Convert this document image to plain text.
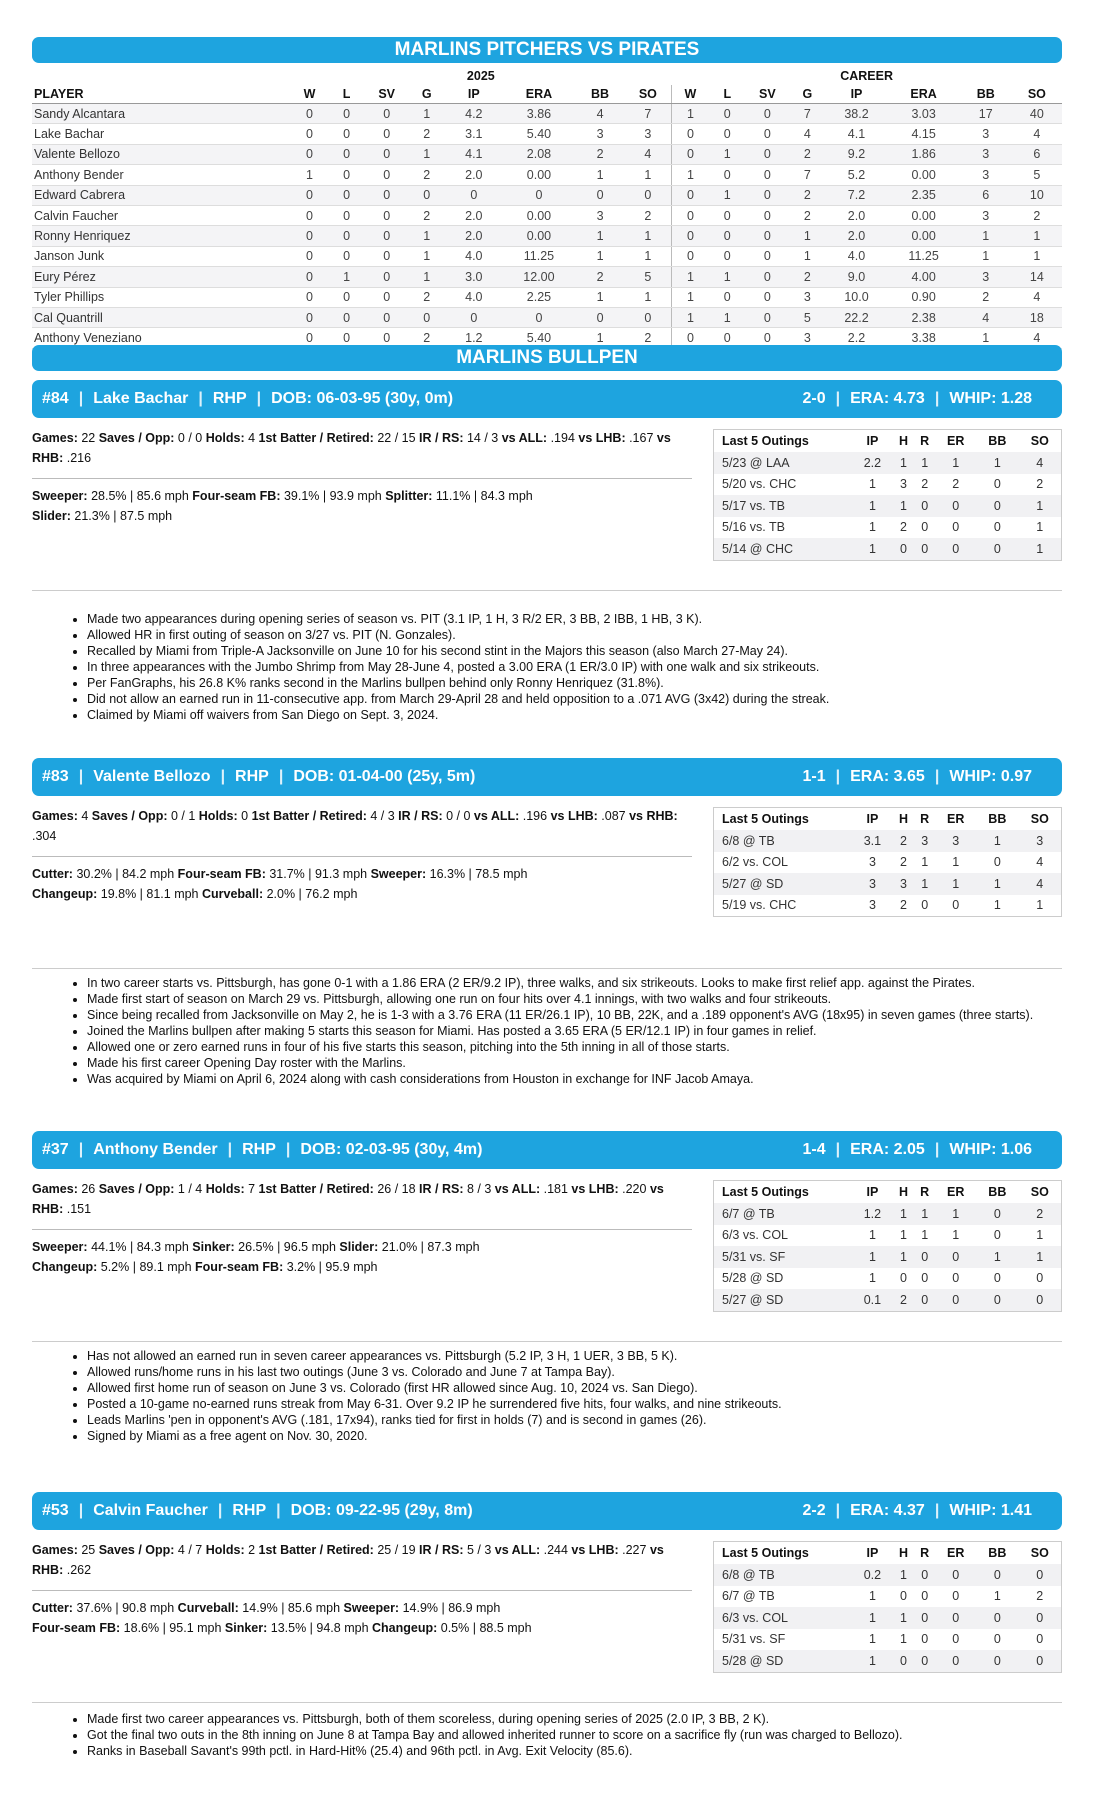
MARLINS PITCHERS VS PIRATES
	2025								CAREER							
PLAYER	W	L	SV	G	IP	ERA	BB	SO	W	L	SV	G	IP	ERA	BB	SO
Sandy Alcantara	0	0	0	1	4.2	3.86	4	7	1	0	0	7	38.2	3.03	17	40
Lake Bachar	0	0	0	2	3.1	5.40	3	3	0	0	0	4	4.1	4.15	3	4
Valente Bellozo	0	0	0	1	4.1	2.08	2	4	0	1	0	2	9.2	1.86	3	6
Anthony Bender	1	0	0	2	2.0	0.00	1	1	1	0	0	7	5.2	0.00	3	5
Edward Cabrera	0	0	0	0	0	0	0	0	0	1	0	2	7.2	2.35	6	10
Calvin Faucher	0	0	0	2	2.0	0.00	3	2	0	0	0	2	2.0	0.00	3	2
Ronny Henriquez	0	0	0	1	2.0	0.00	1	1	0	0	0	1	2.0	0.00	1	1
Janson Junk	0	0	0	1	4.0	11.25	1	1	0	0	0	1	4.0	11.25	1	1
Eury Pérez	0	1	0	1	3.0	12.00	2	5	1	1	0	2	9.0	4.00	3	14
Tyler Phillips	0	0	0	2	4.0	2.25	1	1	1	0	0	3	10.0	0.90	2	4
Cal Quantrill	0	0	0	0	0	0	0	0	1	1	0	5	22.2	2.38	4	18
Anthony Veneziano	0	0	0	2	1.2	5.40	1	2	0	0	0	3	2.2	3.38	1	4
MARLINS BULLPEN
#84 | Lake Bachar | RHP | DOB: 06-03-95 (30y, 0m)	2-0 | ERA: 4.73 | WHIP: 1.28
Games: 22 Saves / Opp: 0 / 0 Holds: 4 1st Batter / Retired: 22 / 15 IR / RS: 14 / 3 vs ALL: .194 vs LHB: .167 vs RHB: .216
Sweeper: 28.5% | 85.6 mph Four-seam FB: 39.1% | 93.9 mph Splitter: 11.1% | 84.3 mph
Slider: 21.3% | 87.5 mph
Last 5 Outings	IP	H	R	ER	BB	SO
5/23 @ LAA	2.2	1	1	1	1	4
5/20 vs. CHC	1	3	2	2	0	2
5/17 vs. TB	1	1	0	0	0	1
5/16 vs. TB	1	2	0	0	0	1
5/14 @ CHC	1	0	0	0	0	1
• Made two appearances during opening series of season vs. PIT (3.1 IP, 1 H, 3 R/2 ER, 3 BB, 2 IBB, 1 HB, 3 K).
• Allowed HR in first outing of season on 3/27 vs. PIT (N. Gonzales).
• Recalled by Miami from Triple-A Jacksonville on June 10 for his second stint in the Majors this season (also March 27-May 24).
• In three appearances with the Jumbo Shrimp from May 28-June 4, posted a 3.00 ERA (1 ER/3.0 IP) with one walk and six strikeouts.
• Per FanGraphs, his 26.8 K% ranks second in the Marlins bullpen behind only Ronny Henriquez (31.8%).
• Did not allow an earned run in 11-consecutive app. from March 29-April 28 and held opposition to a .071 AVG (3x42) during the streak.
• Claimed by Miami off waivers from San Diego on Sept. 3, 2024.
#83 | Valente Bellozo | RHP | DOB: 01-04-00 (25y, 5m)	1-1 | ERA: 3.65 | WHIP: 0.97
Games: 4 Saves / Opp: 0 / 1 Holds: 0 1st Batter / Retired: 4 / 3 IR / RS: 0 / 0 vs ALL: .196 vs LHB: .087 vs RHB: .304
Cutter: 30.2% | 84.2 mph Four-seam FB: 31.7% | 91.3 mph Sweeper: 16.3% | 78.5 mph
Changeup: 19.8% | 81.1 mph Curveball: 2.0% | 76.2 mph
Last 5 Outings	IP	H	R	ER	BB	SO
6/8 @ TB	3.1	2	3	3	1	3
6/2 vs. COL	3	2	1	1	0	4
5/27 @ SD	3	3	1	1	1	4
5/19 vs. CHC	3	2	0	0	1	1
• In two career starts vs. Pittsburgh, has gone 0-1 with a 1.86 ERA (2 ER/9.2 IP), three walks, and six strikeouts. Looks to make first relief app. against the Pirates.
• Made first start of season on March 29 vs. Pittsburgh, allowing one run on four hits over 4.1 innings, with two walks and four strikeouts.
• Since being recalled from Jacksonville on May 2, he is 1-3 with a 3.76 ERA (11 ER/26.1 IP), 10 BB, 22K, and a .189 opponent's AVG (18x95) in seven games (three starts).
• Joined the Marlins bullpen after making 5 starts this season for Miami. Has posted a 3.65 ERA (5 ER/12.1 IP) in four games in relief.
• Allowed one or zero earned runs in four of his five starts this season, pitching into the 5th inning in all of those starts.
• Made his first career Opening Day roster with the Marlins.
• Was acquired by Miami on April 6, 2024 along with cash considerations from Houston in exchange for INF Jacob Amaya.
#37 | Anthony Bender | RHP | DOB: 02-03-95 (30y, 4m)	1-4 | ERA: 2.05 | WHIP: 1.06
Games: 26 Saves / Opp: 1 / 4 Holds: 7 1st Batter / Retired: 26 / 18 IR / RS: 8 / 3 vs ALL: .181 vs LHB: .220 vs RHB: .151
Sweeper: 44.1% | 84.3 mph Sinker: 26.5% | 96.5 mph Slider: 21.0% | 87.3 mph
Changeup: 5.2% | 89.1 mph Four-seam FB: 3.2% | 95.9 mph
Last 5 Outings	IP	H	R	ER	BB	SO
6/7 @ TB	1.2	1	1	1	0	2
6/3 vs. COL	1	1	1	1	0	1
5/31 vs. SF	1	1	0	0	1	1
5/28 @ SD	1	0	0	0	0	0
5/27 @ SD	0.1	2	0	0	0	0
• Has not allowed an earned run in seven career appearances vs. Pittsburgh (5.2 IP, 3 H, 1 UER, 3 BB, 5 K).
• Allowed runs/home runs in his last two outings (June 3 vs. Colorado and June 7 at Tampa Bay).
• Allowed first home run of season on June 3 vs. Colorado (first HR allowed since Aug. 10, 2024 vs. San Diego).
• Posted a 10-game no-earned runs streak from May 6-31. Over 9.2 IP he surrendered five hits, four walks, and nine strikeouts.
• Leads Marlins 'pen in opponent's AVG (.181, 17x94), ranks tied for first in holds (7) and is second in games (26).
• Signed by Miami as a free agent on Nov. 30, 2020.
#53 | Calvin Faucher | RHP | DOB: 09-22-95 (29y, 8m)	2-2 | ERA: 4.37 | WHIP: 1.41
Games: 25 Saves / Opp: 4 / 7 Holds: 2 1st Batter / Retired: 25 / 19 IR / RS: 5 / 3 vs ALL: .244 vs LHB: .227 vs RHB: .262
Cutter: 37.6% | 90.8 mph Curveball: 14.9% | 85.6 mph Sweeper: 14.9% | 86.9 mph
Four-seam FB: 18.6% | 95.1 mph Sinker: 13.5% | 94.8 mph Changeup: 0.5% | 88.5 mph
Last 5 Outings	IP	H	R	ER	BB	SO
6/8 @ TB	0.2	1	0	0	0	0
6/7 @ TB	1	0	0	0	1	2
6/3 vs. COL	1	1	0	0	0	0
5/31 vs. SF	1	1	0	0	0	0
5/28 @ SD	1	0	0	0	0	0
• Made first two career appearances vs. Pittsburgh, both of them scoreless, during opening series of 2025 (2.0 IP, 3 BB, 2 K).
• Got the final two outs in the 8th inning on June 8 at Tampa Bay and allowed inherited runner to score on a sacrifice fly (run was charged to Bellozo).
• Ranks in Baseball Savant's 99th pctl. in Hard-Hit% (25.4) and 96th pctl. in Avg. Exit Velocity (85.6).
